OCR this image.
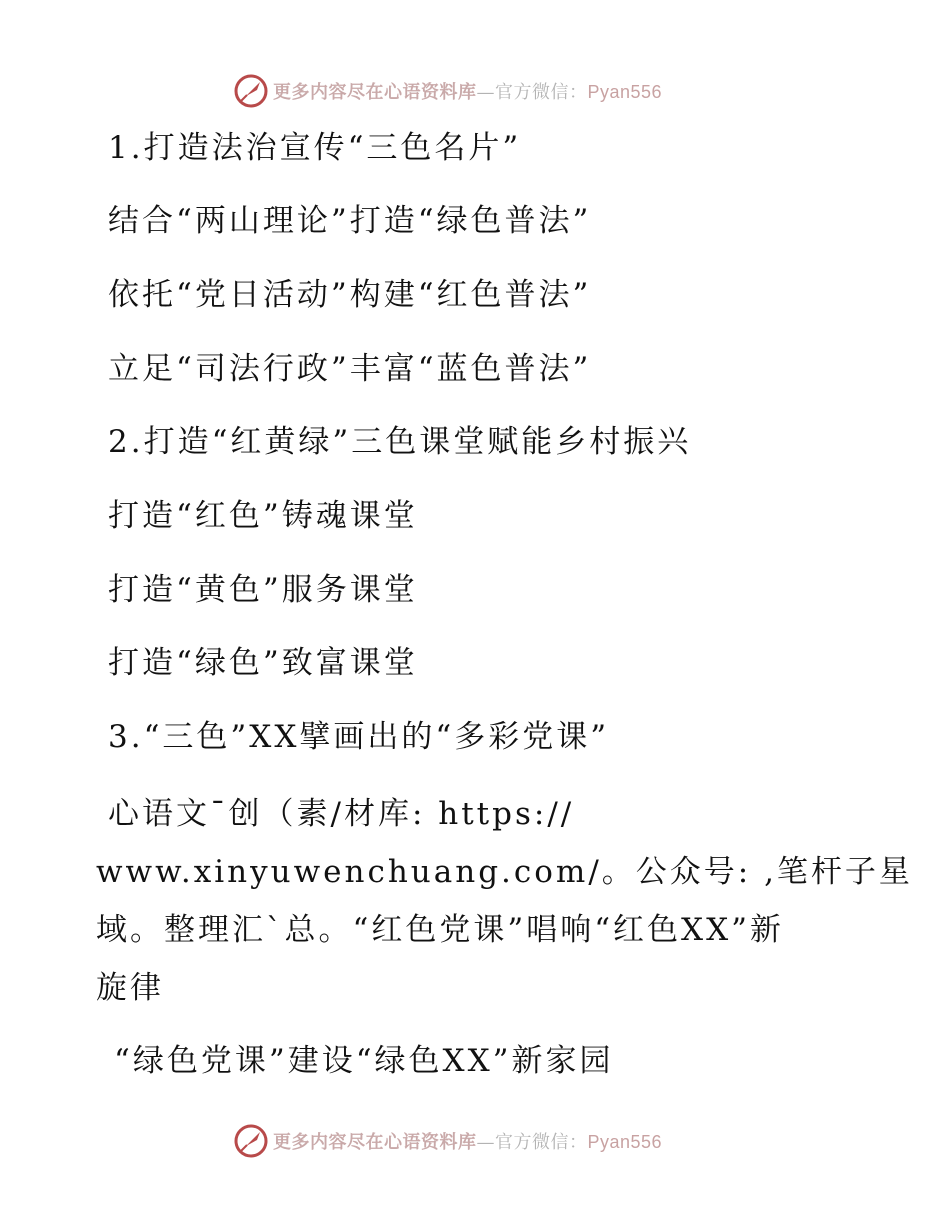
更多内容尽在心语资料库—官方微信：Pyan556
1.打造法治宣传“三色名片”
结合“两山理论”打造“绿色普法”
依托“党日活动”构建“红色普法”
立足“司法行政”丰富“蓝色普法”
2.打造“红黄绿”三色课堂赋能乡村振兴
打造“红色”铸魂课堂
打造“黄色”服务课堂
打造“绿色”致富课堂
3.“三色”XX擘画出的“多彩党课”
心语文¯创（素/材库: https://
www.xinyuwenchuang.com/。公众号: ,笔杆子星
域。整理汇`总。“红色党课”唱响“红色XX”新
旋律
“绿色党课”建设“绿色XX”新家园
更多内容尽在心语资料库—官方微信：Pyan556
